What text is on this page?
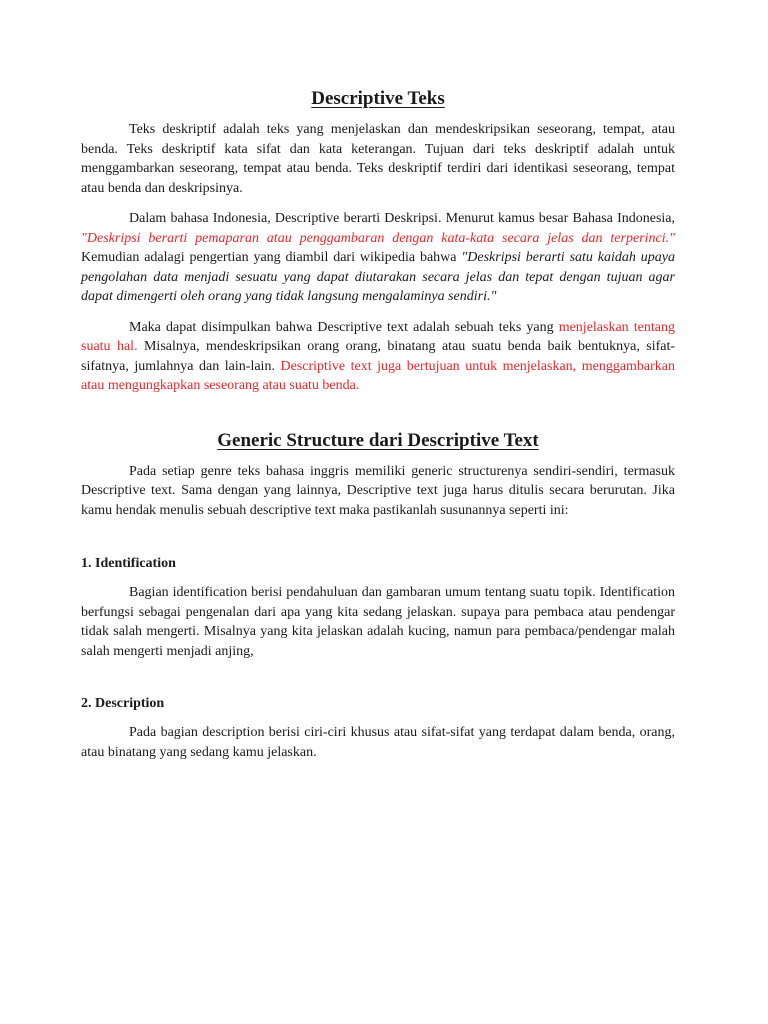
Descriptive Teks

Teks deskriptif adalah teks yang menjelaskan dan mendeskripsikan seseorang, tempat, atau benda. Teks deskriptif kata sifat dan kata keterangan. Tujuan dari teks deskriptif adalah untuk menggambarkan seseorang, tempat atau benda. Teks deskriptif terdiri dari identikasi seseorang, tempat atau benda dan deskripsinya.

Dalam bahasa Indonesia, Descriptive berarti Deskripsi. Menurut kamus besar Bahasa Indonesia, "Deskripsi berarti pemaparan atau penggambaran dengan kata-kata secara jelas dan terperinci." Kemudian adalagi pengertian yang diambil dari wikipedia bahwa "Deskripsi berarti satu kaidah upaya pengolahan data menjadi sesuatu yang dapat diutarakan secara jelas dan tepat dengan tujuan agar dapat dimengerti oleh orang yang tidak langsung mengalaminya sendiri."

Maka dapat disimpulkan bahwa Descriptive text adalah sebuah teks yang menjelaskan tentang suatu hal. Misalnya, mendeskripsikan orang orang, binatang atau suatu benda baik bentuknya, sifat-sifatnya, jumlahnya dan lain-lain. Descriptive text juga bertujuan untuk menjelaskan, menggambarkan atau mengungkapkan seseorang atau suatu benda.

Generic Structure dari Descriptive Text

Pada setiap genre teks bahasa inggris memiliki generic structurenya sendiri-sendiri, termasuk Descriptive text. Sama dengan yang lainnya, Descriptive text juga harus ditulis secara berurutan. Jika kamu hendak menulis sebuah descriptive text maka pastikanlah susunannya seperti ini:

1. Identification

Bagian identification berisi pendahuluan dan gambaran umum tentang suatu topik. Identification berfungsi sebagai pengenalan dari apa yang kita sedang jelaskan. supaya para pembaca atau pendengar tidak salah mengerti. Misalnya yang kita jelaskan adalah kucing, namun para pembaca/pendengar malah salah mengerti menjadi anjing,

2. Description

Pada bagian description berisi ciri-ciri khusus atau sifat-sifat yang terdapat dalam benda, orang, atau binatang yang sedang kamu jelaskan.
